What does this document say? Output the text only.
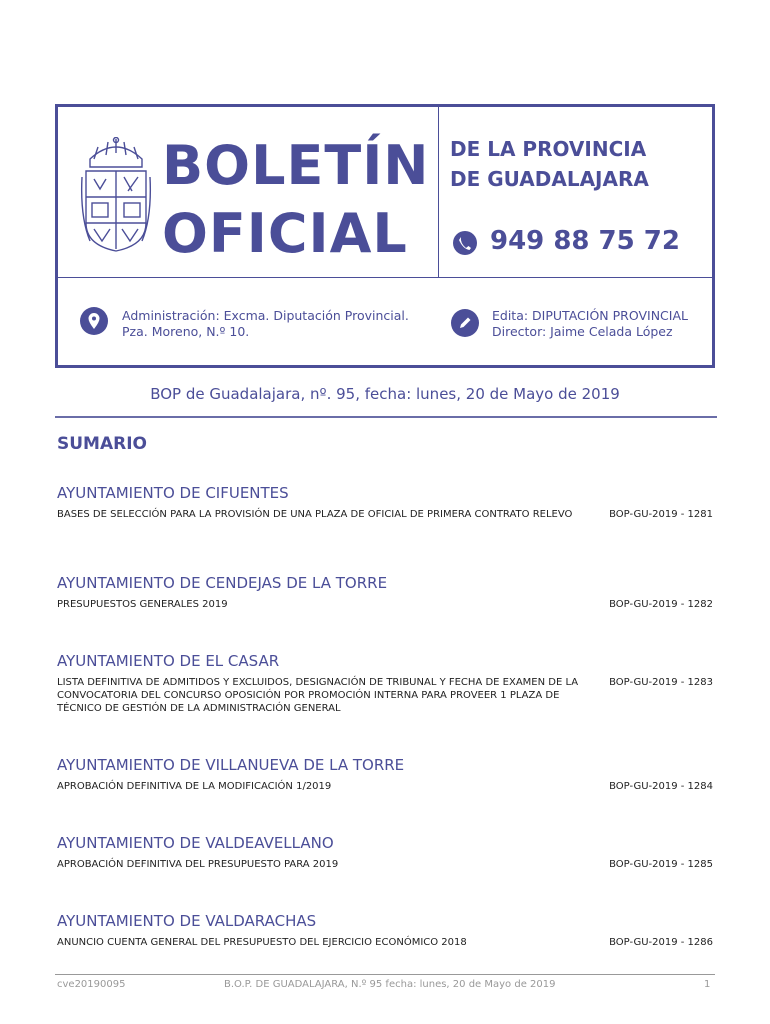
BOLETÍN
OFICIAL
DE LA PROVINCIA
DE GUADALAJARA
949 88 75 72
Administración: Excma. Diputación Provincial.
Pza. Moreno, N.º 10.
Edita: DIPUTACIÓN PROVINCIAL
Director: Jaime Celada López
BOP de Guadalajara, nº. 95, fecha: lunes, 20 de Mayo de 2019
SUMARIO
AYUNTAMIENTO DE CIFUENTES
BASES DE SELECCIÓN PARA LA PROVISIÓN DE UNA PLAZA DE OFICIAL DE PRIMERA CONTRATO RELEVO	BOP-GU-2019 - 1281
AYUNTAMIENTO DE CENDEJAS DE LA TORRE
PRESUPUESTOS GENERALES 2019	BOP-GU-2019 - 1282
AYUNTAMIENTO DE EL CASAR
LISTA DEFINITIVA DE ADMITIDOS Y EXCLUIDOS, DESIGNACIÓN DE TRIBUNAL Y FECHA DE EXAMEN DE LA CONVOCATORIA DEL CONCURSO OPOSICIÓN POR PROMOCIÓN INTERNA PARA PROVEER 1 PLAZA DE TÉCNICO DE GESTIÓN DE LA ADMINISTRACIÓN GENERAL
BOP-GU-2019 - 1283
AYUNTAMIENTO DE VILLANUEVA DE LA TORRE
APROBACIÓN DEFINITIVA DE LA MODIFICACIÓN 1/2019	BOP-GU-2019 - 1284
AYUNTAMIENTO DE VALDEAVELLANO
APROBACIÓN DEFINITIVA DEL PRESUPUESTO PARA 2019	BOP-GU-2019 - 1285
AYUNTAMIENTO DE VALDARACHAS
ANUNCIO CUENTA GENERAL DEL PRESUPUESTO DEL EJERCICIO ECONÓMICO 2018	BOP-GU-2019 - 1286
cve20190095	B.O.P. DE GUADALAJARA, N.º 95 fecha: lunes, 20 de Mayo de 2019	1
